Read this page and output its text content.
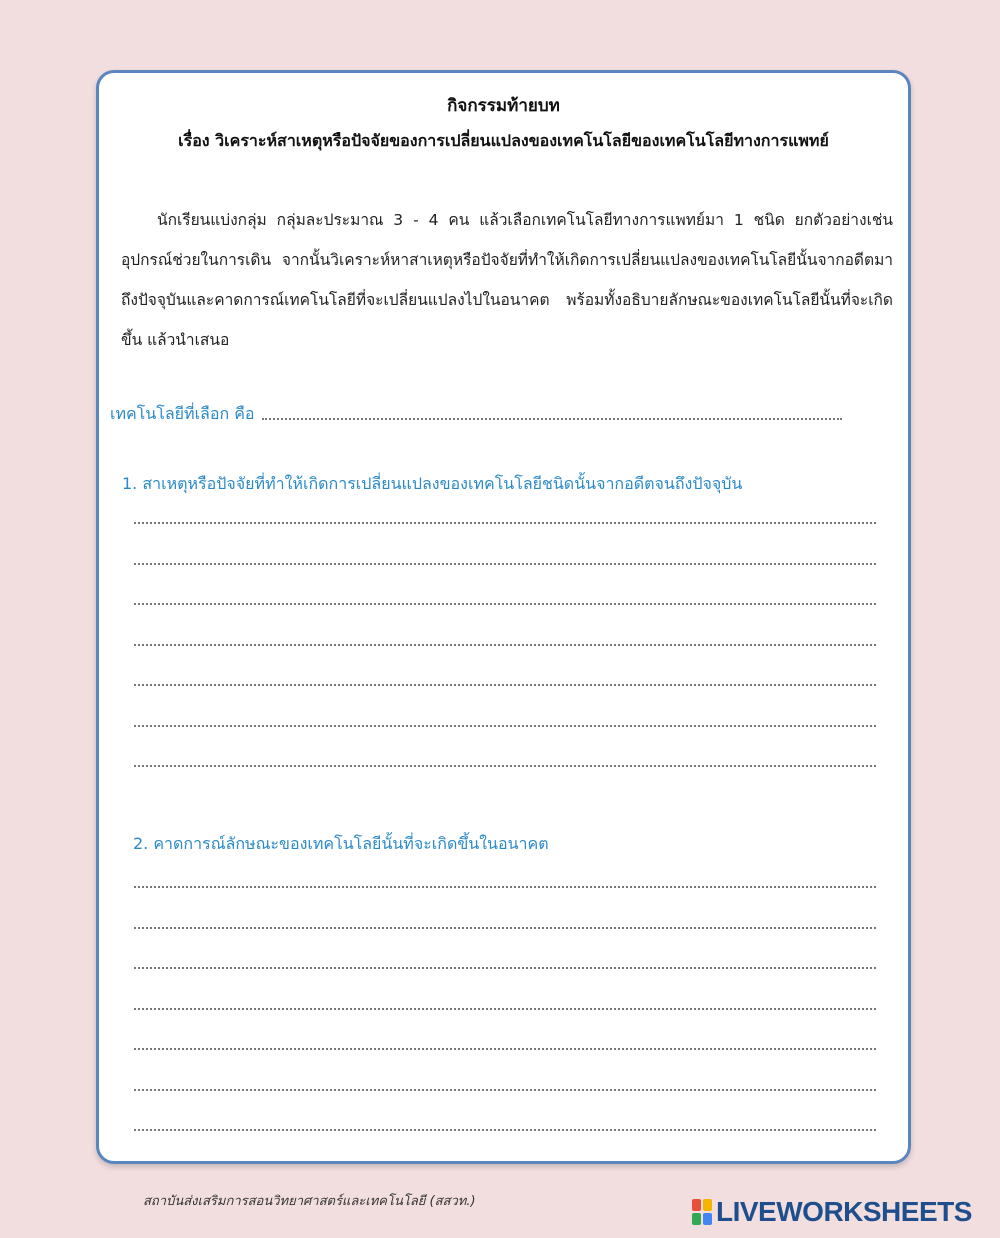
กิจกรรมท้ายบท
เรื่อง วิเคราะห์สาเหตุหรือปัจจัยของการเปลี่ยนแปลงของเทคโนโลยีของเทคโนโลยีทางการแพทย์
นักเรียนแบ่งกลุ่ม กลุ่มละประมาณ 3 - 4 คน แล้วเลือกเทคโนโลยีทางการแพทย์มา 1 ชนิด ยกตัวอย่างเช่น อุปกรณ์ช่วยในการเดิน จากนั้นวิเคราะห์หาสาเหตุหรือปัจจัยที่ทำให้เกิดการเปลี่ยนแปลงของเทคโนโลยีนั้นจากอดีตมาถึงปัจจุบันและคาดการณ์เทคโนโลยีที่จะเปลี่ยนแปลงไปในอนาคต พร้อมทั้งอธิบายลักษณะของเทคโนโลยีนั้นที่จะเกิดขึ้น แล้วนำเสนอ
เทคโนโลยีที่เลือก คือ
1. สาเหตุหรือปัจจัยที่ทำให้เกิดการเปลี่ยนแปลงของเทคโนโลยีชนิดนั้นจากอดีตจนถึงปัจจุบัน
2. คาดการณ์ลักษณะของเทคโนโลยีนั้นที่จะเกิดขึ้นในอนาคต
สถาบันส่งเสริมการสอนวิทยาศาสตร์และเทคโนโลยี (สสวท.)	LIVEWORKSHEETS
